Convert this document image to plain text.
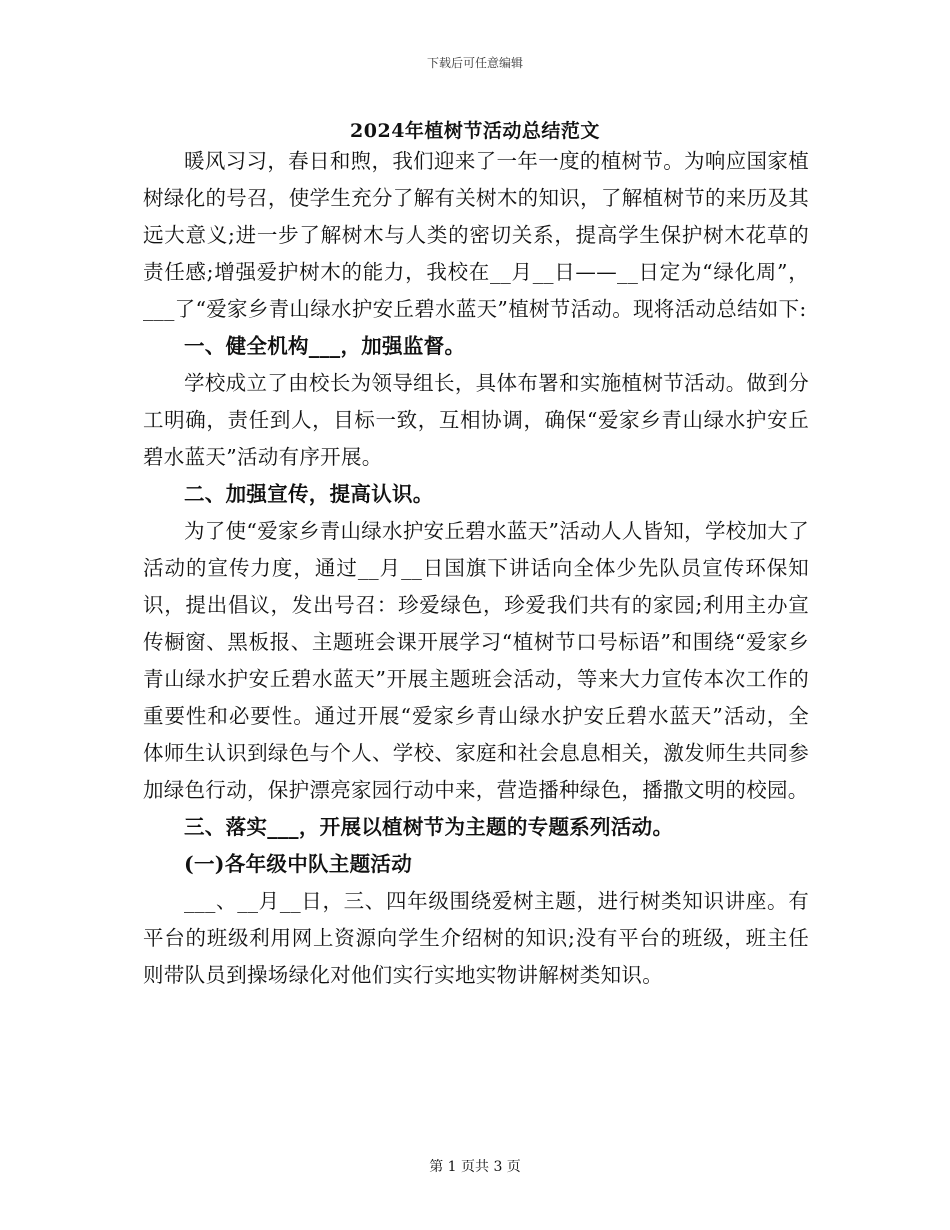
下载后可任意编辑
2024年植树节活动总结范文

暖风习习，春日和煦，我们迎来了一年一度的植树节。为响应国家植树绿化的号召，使学生充分了解有关树木的知识，了解植树节的来历及其远大意义;进一步了解树木与人类的密切关系，提高学生保护树木花草的责任感;增强爱护树木的能力，我校在__月__日——__日定为“绿化周”，___了“爱家乡青山绿水护安丘碧水蓝天”植树节活动。现将活动总结如下:

一、健全机构___，加强监督。

学校成立了由校长为领导组长，具体布署和实施植树节活动。做到分工明确，责任到人，目标一致，互相协调，确保“爱家乡青山绿水护安丘碧水蓝天”活动有序开展。

二、加强宣传，提高认识。

为了使“爱家乡青山绿水护安丘碧水蓝天”活动人人皆知，学校加大了活动的宣传力度，通过__月__日国旗下讲话向全体少先队员宣传环保知识，提出倡议，发出号召：珍爱绿色，珍爱我们共有的家园;利用主办宣传橱窗、黑板报、主题班会课开展学习“植树节口号标语”和围绕“爱家乡青山绿水护安丘碧水蓝天”开展主题班会活动，等来大力宣传本次工作的重要性和必要性。通过开展“爱家乡青山绿水护安丘碧水蓝天”活动，全体师生认识到绿色与个人、学校、家庭和社会息息相关，激发师生共同参加绿色行动，保护漂亮家园行动中来，营造播种绿色，播撒文明的校园。

三、落实___，开展以植树节为主题的专题系列活动。

(一)各年级中队主题活动

___、__月__日，三、四年级围绕爱树主题，进行树类知识讲座。有平台的班级利用网上资源向学生介绍树的知识;没有平台的班级，班主任则带队员到操场绿化对他们实行实地实物讲解树类知识。

第 1 页共 3 页
